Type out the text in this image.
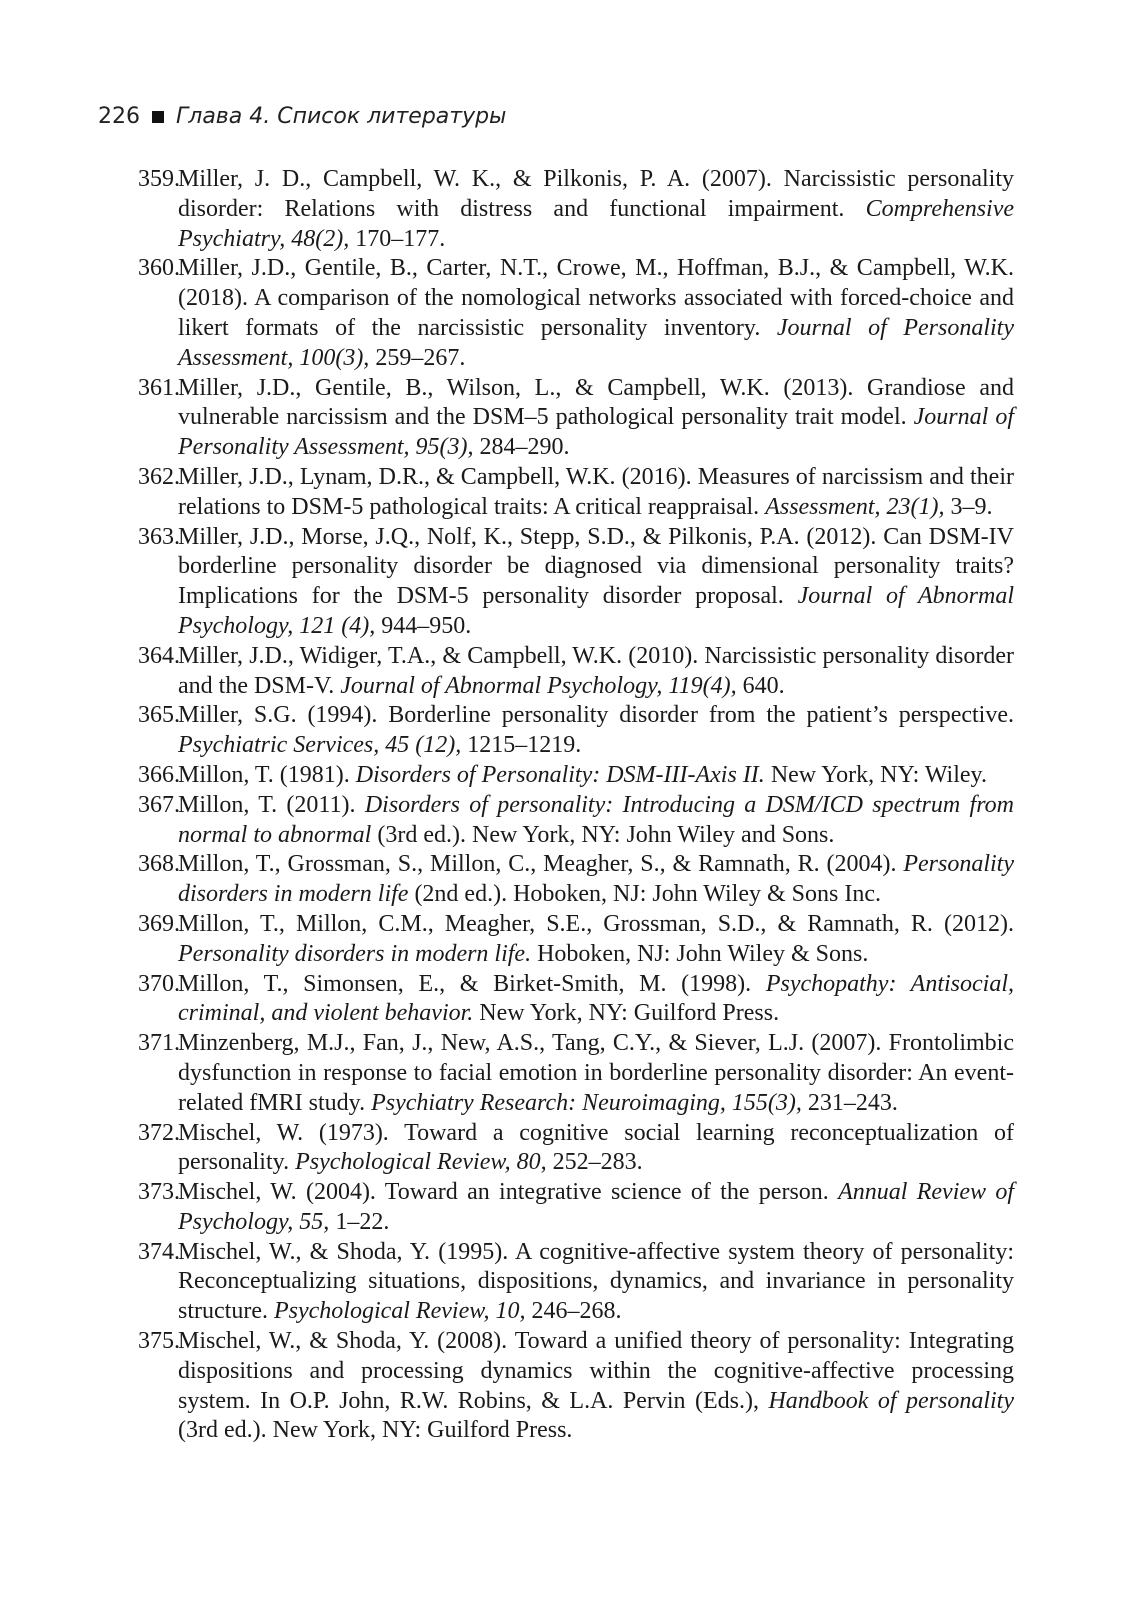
226 Глава 4. Список литературы
359.
Miller, J. D., Campbell, W. K., & Pilkonis, P. A. (2007). Narcissistic personality disorder: Relations with distress and functional impairment. Comprehensive Psychiatry, 48(2), 170–177.
360.
Miller, J.D., Gentile, B., Carter, N.T., Crowe, M., Hoffman, B.J., & Campbell, W.K. (2018). A comparison of the nomological networks associated with forced-choice and likert formats of the narcissistic personality inventory. Journal of Personality Assessment, 100(3), 259–267.
361.
Miller, J.D., Gentile, B., Wilson, L., & Campbell, W.K. (2013). Grandiose and vulnerable narcissism and the DSM–5 pathological personality trait model. Journal of Personality Assessment, 95(3), 284–290.
362.
Miller, J.D., Lynam, D.R., & Campbell, W.K. (2016). Measures of narcissism and their relations to DSM-5 pathological traits: A critical reappraisal. Assessment, 23(1), 3–9.
363.
Miller, J.D., Morse, J.Q., Nolf, K., Stepp, S.D., & Pilkonis, P.A. (2012). Can DSM-IV borderline personality disorder be diagnosed via dimensional personality traits? Implications for the DSM-5 personality disorder proposal. Journal of Abnormal Psychology, 121 (4), 944–950.
364.
Miller, J.D., Widiger, T.A., & Campbell, W.K. (2010). Narcissistic personality disorder and the DSM-V. Journal of Abnormal Psychology, 119(4), 640.
365.
Miller, S.G. (1994). Borderline personality disorder from the patient’s perspective. Psychiatric Services, 45 (12), 1215–1219.
366.
Millon, T. (1981). Disorders of Personality: DSM-III-Axis II. New York, NY: Wiley.
367.
Millon, T. (2011). Disorders of personality: Introducing a DSM/ICD spectrum from normal to abnormal (3rd ed.). New York, NY: John Wiley and Sons.
368.
Millon, T., Grossman, S., Millon, C., Meagher, S., & Ramnath, R. (2004). Personality disorders in modern life (2nd ed.). Hoboken, NJ: John Wiley & Sons Inc.
369.
Millon, T., Millon, C.M., Meagher, S.E., Grossman, S.D., & Ramnath, R. (2012). Personality disorders in modern life. Hoboken, NJ: John Wiley & Sons.
370.
Millon, T., Simonsen, E., & Birket-Smith, M. (1998). Psychopathy: Antisocial, criminal, and violent behavior. New York, NY: Guilford Press.
371.
Minzenberg, M.J., Fan, J., New, A.S., Tang, C.Y., & Siever, L.J. (2007). Frontolimbic dysfunction in response to facial emotion in borderline personality disorder: An event-related fMRI study. Psychiatry Research: Neuroimaging, 155(3), 231–243.
372.
Mischel, W. (1973). Toward a cognitive social learning reconceptualization of personality. Psychological Review, 80, 252–283.
373.
Mischel, W. (2004). Toward an integrative science of the person. Annual Review of Psychology, 55, 1–22.
374.
Mischel, W., & Shoda, Y. (1995). A cognitive-affective system theory of personality: Reconceptualizing situations, dispositions, dynamics, and invariance in personality structure. Psychological Review, 10, 246–268.
375.
Mischel, W., & Shoda, Y. (2008). Toward a unified theory of personality: Integrating dispositions and processing dynamics within the cognitive-affective processing system. In O.P. John, R.W. Robins, & L.A. Pervin (Eds.), Handbook of personality (3rd ed.). New York, NY: Guilford Press.
